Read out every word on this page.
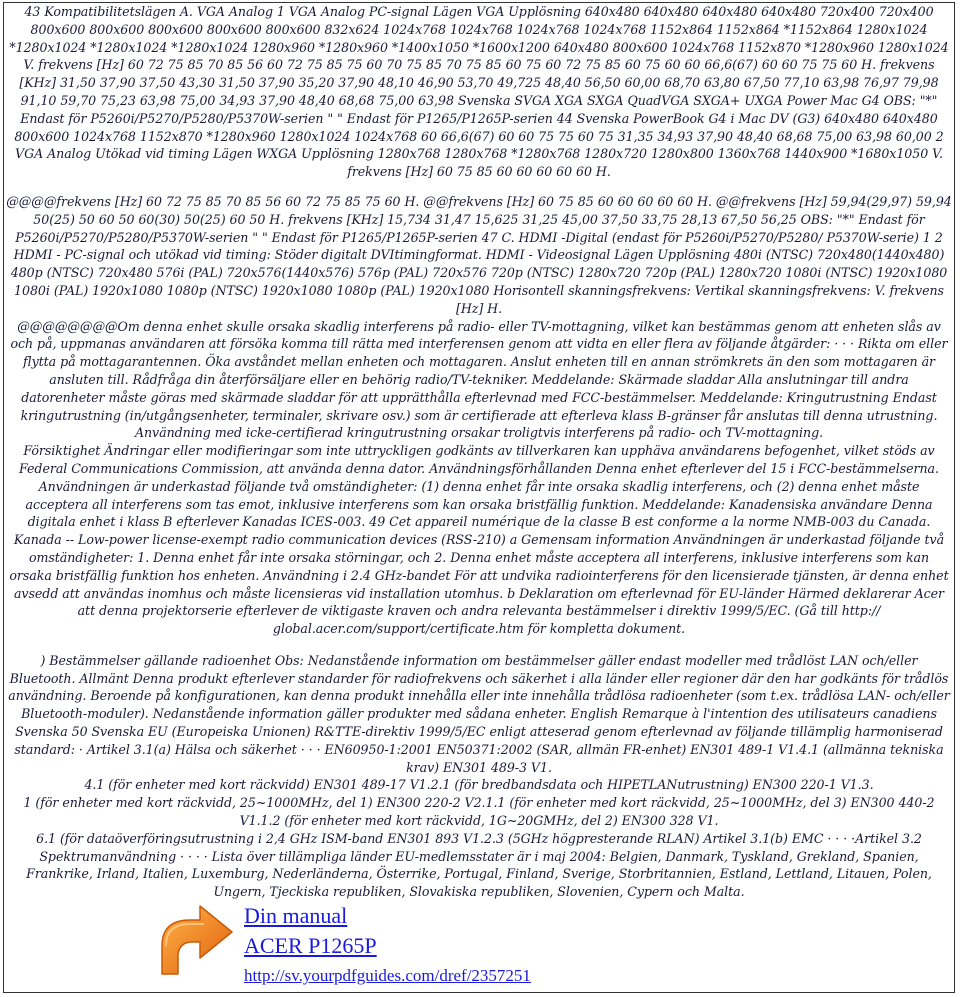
43 Kompatibilitetslägen A. VGA Analog 1 VGA Analog PC-signal Lägen VGA Upplösning 640x480 640x480 640x480 640x480 720x400 720x400 800x600 800x600 800x600 800x600 800x600 832x624 1024x768 1024x768 1024x768 1024x768 1152x864 1152x864 *1152x864 1280x1024 *1280x1024 *1280x1024 *1280x1024 1280x960 *1280x960 *1400x1050 *1600x1200 640x480 800x600 1024x768 1152x870 *1280x960 1280x1024 V. frekvens [Hz] 60 72 75 85 70 85 56 60 72 75 85 75 60 70 75 85 70 75 85 60 75 60 72 75 85 60 75 60 60 66,6(67) 60 60 75 75 60 H. frekvens [KHz] 31,50 37,90 37,50 43,30 31,50 37,90 35,20 37,90 48,10 46,90 53,70 49,725 48,40 56,50 60,00 68,70 63,80 67,50 77,10 63,98 76,97 79,98 91,10 59,70 75,23 63,98 75,00 34,93 37,90 48,40 68,68 75,00 63,98 Svenska SVGA XGA SXGA QuadVGA SXGA+ UXGA Power Mac G4 OBS: "*" Endast för P5260i/P5270/P5280/P5370W-serien " " Endast för P1265/P1265P-serien 44 Svenska PowerBook G4 i Mac DV (G3) 640x480 640x480 800x600 1024x768 1152x870 *1280x960 1280x1024 1024x768 60 66,6(67) 60 60 75 75 60 75 31,35 34,93 37,90 48,40 68,68 75,00 63,98 60,00 2 VGA Analog Utökad vid timing Lägen WXGA Upplösning 1280x768 1280x768 *1280x768 1280x720 1280x800 1360x768 1440x900 *1680x1050 V. frekvens [Hz] 60 75 85 60 60 60 60 60 H.

@@@@frekvens [Hz] 60 72 75 85 70 85 56 60 72 75 85 75 60 H. @@frekvens [Hz] 60 75 85 60 60 60 60 60 H. @@frekvens [Hz] 59,94(29,97) 59,94 50(25) 50 60 50 60(30) 50(25) 60 50 H. frekvens [KHz] 15,734 31,47 15,625 31,25 45,00 37,50 33,75 28,13 67,50 56,25 OBS: "*" Endast för P5260i/P5270/P5280/P5370W-serien " " Endast för P1265/P1265P-serien 47 C. HDMI -Digital (endast för P5260i/P5270/P5280/ P5370W-serie) 1 2 HDMI - PC-signal och utökad vid timing: Stöder digitalt DVItimingformat. HDMI - Videosignal Lägen Upplösning 480i (NTSC) 720x480(1440x480) 480p (NTSC) 720x480 576i (PAL) 720x576(1440x576) 576p (PAL) 720x576 720p (NTSC) 1280x720 720p (PAL) 1280x720 1080i (NTSC) 1920x1080 1080i (PAL) 1920x1080 1080p (NTSC) 1920x1080 1080p (PAL) 1920x1080 Horisontell skanningsfrekvens: Vertikal skanningsfrekvens: V. frekvens [Hz] H.

@@@@@@@@Om denna enhet skulle orsaka skadlig interferens på radio- eller TV-mottagning, vilket kan bestämmas genom att enheten slås av och på, uppmanas användaren att försöka komma till rätta med interferensen genom att vidta en eller flera av följande åtgärder: · · · Rikta om eller flytta på mottagarantennen. Öka avståndet mellan enheten och mottagaren. Anslut enheten till en annan strömkrets än den som mottagaren är ansluten till. Rådfråga din återförsäljare eller en behörig radio/TV-tekniker. Meddelande: Skärmade sladdar Alla anslutningar till andra datorenheter måste göras med skärmade sladdar för att upprätthålla efterlevnad med FCC-bestämmelser. Meddelande: Kringutrustning Endast kringutrustning (in/utgångsenheter, terminaler, skrivare osv.) som är certifierade att efterleva klass B-gränser får anslutas till denna utrustning. Användning med icke-certifierad kringutrustning orsakar troligtvis interferens på radio- och TV-mottagning.

Försiktighet Ändringar eller modifieringar som inte uttryckligen godkänts av tillverkaren kan upphäva användarens befogenhet, vilket stöds av Federal Communications Commission, att använda denna dator. Användningsförhållanden Denna enhet efterlever del 15 i FCC-bestämmelserna. Användningen är underkastad följande två omständigheter: (1) denna enhet får inte orsaka skadlig interferens, och (2) denna enhet måste acceptera all interferens som tas emot, inklusive interferens som kan orsaka bristfällig funktion. Meddelande: Kanadensiska användare Denna digitala enhet i klass B efterlever Kanadas ICES-003. 49 Cet appareil numérique de la classe B est conforme a la norme NMB-003 du Canada.

Kanada -- Low-power license-exempt radio communication devices (RSS-210) a Gemensam information Användningen är underkastad följande två omständigheter: 1. Denna enhet får inte orsaka störningar, och 2. Denna enhet måste acceptera all interferens, inklusive interferens som kan orsaka bristfällig funktion hos enheten. Användning i 2.4 GHz-bandet För att undvika radiointerferens för den licensierade tjänsten, är denna enhet avsedd att användas inomhus och måste licensieras vid installation utomhus. b Deklaration om efterlevnad för EU-länder Härmed deklarerar Acer att denna projektorserie efterlever de viktigaste kraven och andra relevanta bestämmelser i direktiv 1999/5/EC. (Gå till http:// global.acer.com/support/certificate.htm för kompletta dokument.

) Bestämmelser gällande radioenhet Obs: Nedanstående information om bestämmelser gäller endast modeller med trådlöst LAN och/eller Bluetooth. Allmänt Denna produkt efterlever standarder för radiofrekvens och säkerhet i alla länder eller regioner där den har godkänts för trådlös användning. Beroende på konfigurationen, kan denna produkt innehålla eller inte innehålla trådlösa radioenheter (som t.ex. trådlösa LAN- och/eller Bluetooth-moduler). Nedanstående information gäller produkter med sådana enheter. English Remarque à l'intention des utilisateurs canadiens Svenska 50 Svenska EU (Europeiska Unionen) R&TTE-direktiv 1999/5/EC enligt atteserad genom efterlevnad av följande tillämplig harmoniserad standard: · Artikel 3.1(a) Hälsa och säkerhet · · · EN60950-1:2001 EN50371:2002 (SAR, allmän FR-enhet) EN301 489-1 V1.4.1 (allmänna tekniska krav) EN301 489-3 V1.

4.1 (för enheter med kort räckvidd) EN301 489-17 V1.2.1 (för bredbandsdata och HIPETLANutrustning) EN300 220-1 V1.3.

1 (för enheter med kort räckvidd, 25~1000MHz, del 1) EN300 220-2 V2.1.1 (för enheter med kort räckvidd, 25~1000MHz, del 3) EN300 440-2 V1.1.2 (för enheter med kort räckvidd, 1G~20GMHz, del 2) EN300 328 V1.

6.1 (för dataöverföringsutrustning i 2,4 GHz ISM-band EN301 893 V1.2.3 (5GHz högpresterande RLAN) Artikel 3.1(b) EMC · · · ·Artikel 3.2 Spektrumanvändning · · · · Lista över tillämpliga länder EU-medlemsstater är i maj 2004: Belgien, Danmark, Tyskland, Grekland, Spanien, Frankrike, Irland, Italien, Luxemburg, Nederländerna, Österrike, Portugal, Finland, Sverige, Storbritannien, Estland, Lettland, Litauen, Polen, Ungern, Tjeckiska republiken, Slovakiska republiken, Slovenien, Cypern och Malta.

Din manual
ACER P1265P
http://sv.yourpdfguides.com/dref/2357251
